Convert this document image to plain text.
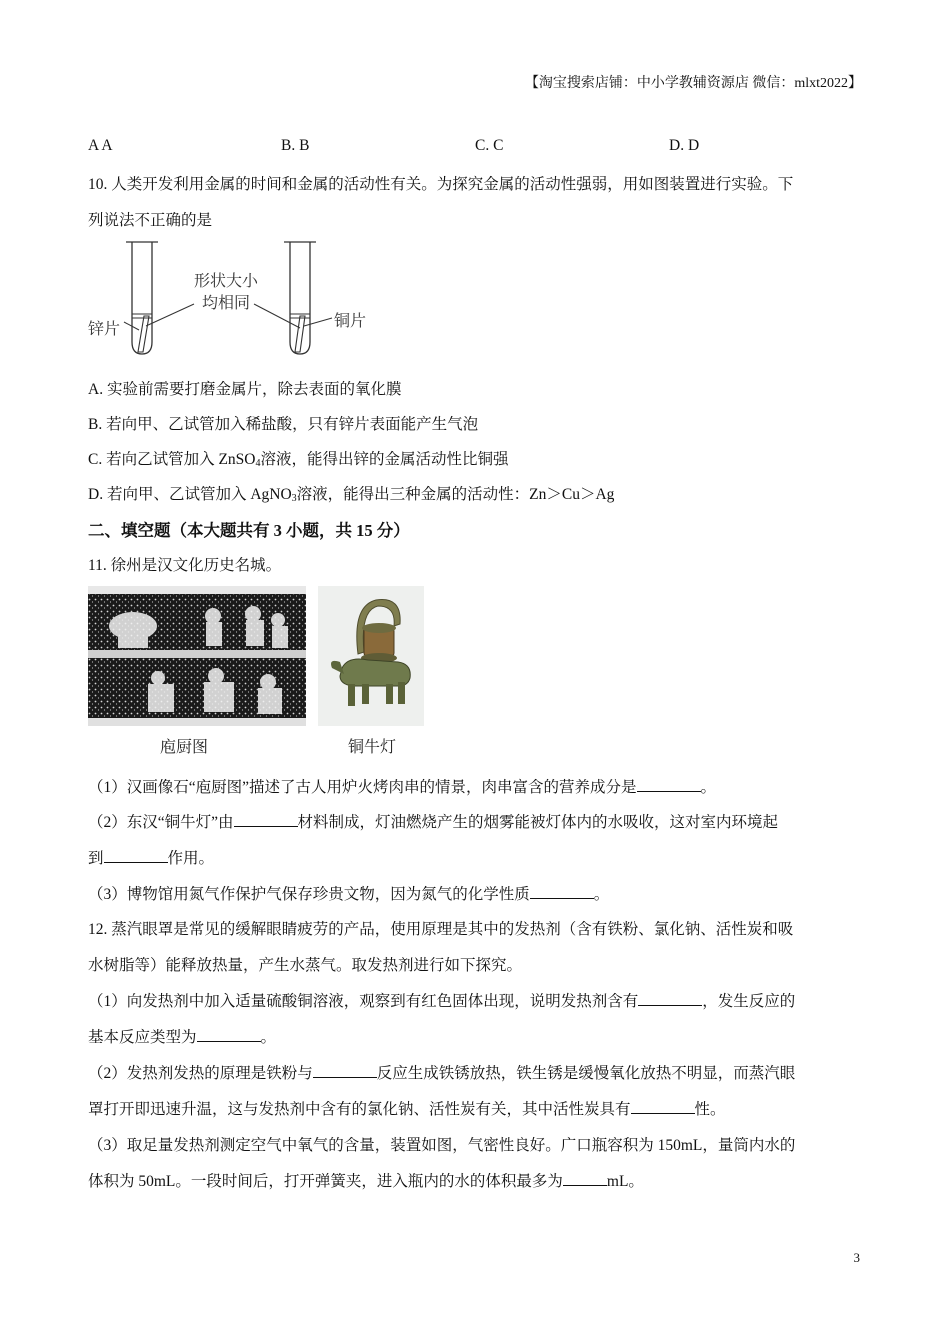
【淘宝搜索店铺：中小学教辅资源店 微信：mlxt2022】
A A	B. B	C. C	D. D
10. 人类开发利用金属的时间和金属的活动性有关。为探究金属的活动性强弱，用如图装置进行实验。下
列说法不正确的是
形状大小
均相同
锌片	铜片
A. 实验前需要打磨金属片，除去表面的氧化膜
B. 若向甲、乙试管加入稀盐酸，只有锌片表面能产生气泡
C. 若向乙试管加入 ZnSO$_4$溶液，能得出锌的金属活动性比铜强
D. 若向甲、乙试管加入 AgNO$_3$溶液，能得出三种金属的活动性：Zn＞Cu＞Ag
二、填空题（本大题共有 3 小题，共 15 分）
11. 徐州是汉文化历史名城。
庖厨图	铜牛灯
（1）汉画像石“庖厨图”描述了古人用炉火烤肉串的情景，肉串富含的营养成分是	。
（2）东汉“铜牛灯”由	材料制成，灯油燃烧产生的烟雾能被灯体内的水吸收，这对室内环境起
到	作用。
（3）博物馆用氮气作保护气保存珍贵文物，因为氮气的化学性质	。
12. 蒸汽眼罩是常见的缓解眼睛疲劳的产品，使用原理是其中的发热剂（含有铁粉、氯化钠、活性炭和吸
水树脂等）能释放热量，产生水蒸气。取发热剂进行如下探究。
（1）向发热剂中加入适量硫酸铜溶液，观察到有红色固体出现，说明发热剂含有	，发生反应的
基本反应类型为	。
（2）发热剂发热的原理是铁粉与	反应生成铁锈放热，铁生锈是缓慢氧化放热不明显，而蒸汽眼
罩打开即迅速升温，这与发热剂中含有的氯化钠、活性炭有关，其中活性炭具有	性。
（3）取足量发热剂测定空气中氧气的含量，装置如图，气密性良好。广口瓶容积为 150mL，量筒内水的
体积为 50mL。一段时间后，打开弹簧夹，进入瓶内的水的体积最多为	mL。
3
